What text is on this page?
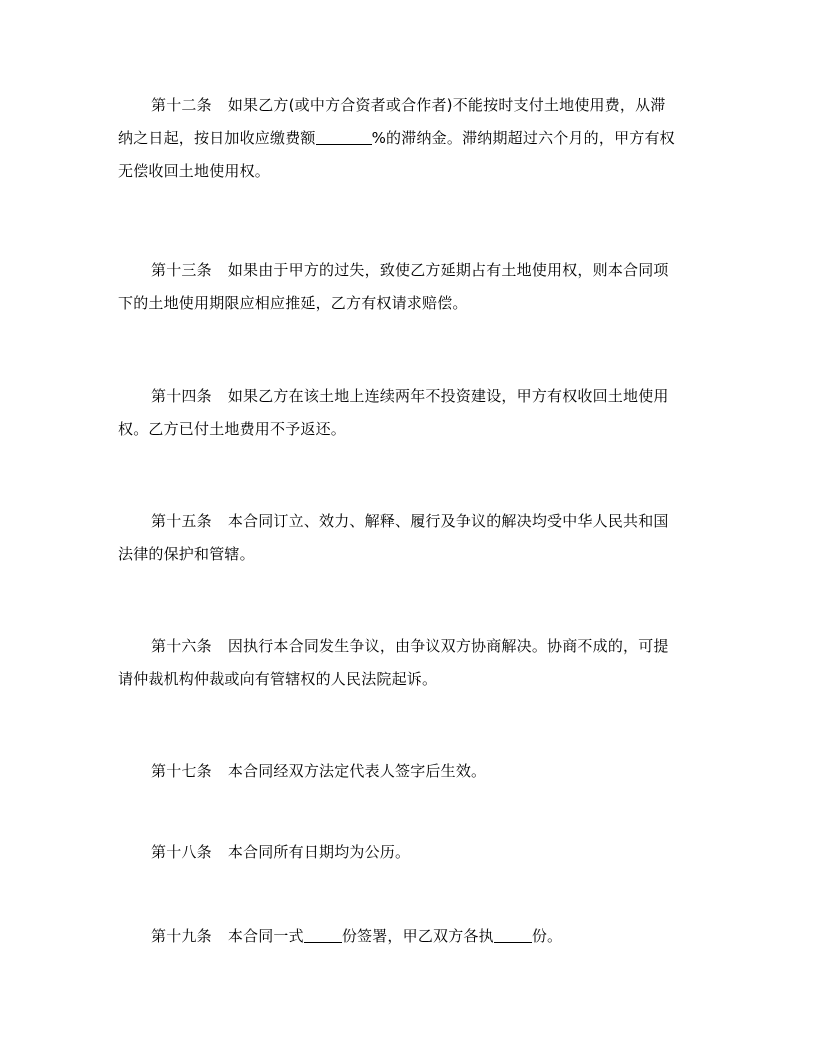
第十二条 如果乙方(或中方合资者或合作者)不能按时支付土地使用费，从滞
纳之日起，按日加收应缴费额	%的滞纳金。滞纳期超过六个月的，甲方有权
无偿收回土地使用权。
第十三条 如果由于甲方的过失，致使乙方延期占有土地使用权，则本合同项
下的土地使用期限应相应推延，乙方有权请求赔偿。
第十四条 如果乙方在该土地上连续两年不投资建设，甲方有权收回土地使用
权。乙方已付土地费用不予返还。
第十五条 本合同订立、效力、解释、履行及争议的解决均受中华人民共和国
法律的保护和管辖。
第十六条 因执行本合同发生争议，由争议双方协商解决。协商不成的，可提
请仲裁机构仲裁或向有管辖权的人民法院起诉。
第十七条 本合同经双方法定代表人签字后生效。
第十八条 本合同所有日期均为公历。
第十九条 本合同一式	份签署，甲乙双方各执	份。
